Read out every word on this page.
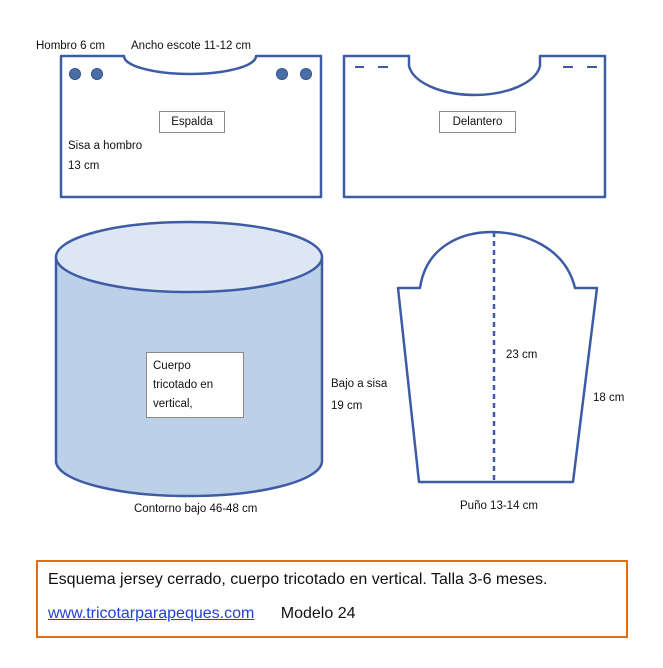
Hombro 6 cm Ancho escote 11-12 cm
Espalda
Sisa a hombro
13 cm
Delantero
Cuerpo
tricotado en
vertical,
Bajo a sisa
19 cm
Contorno bajo 46-48 cm
23 cm
18 cm
Puño 13-14 cm
Esquema jersey cerrado, cuerpo tricotado en vertical. Talla 3-6 meses.
www.tricotarparapeques.com Modelo 24
